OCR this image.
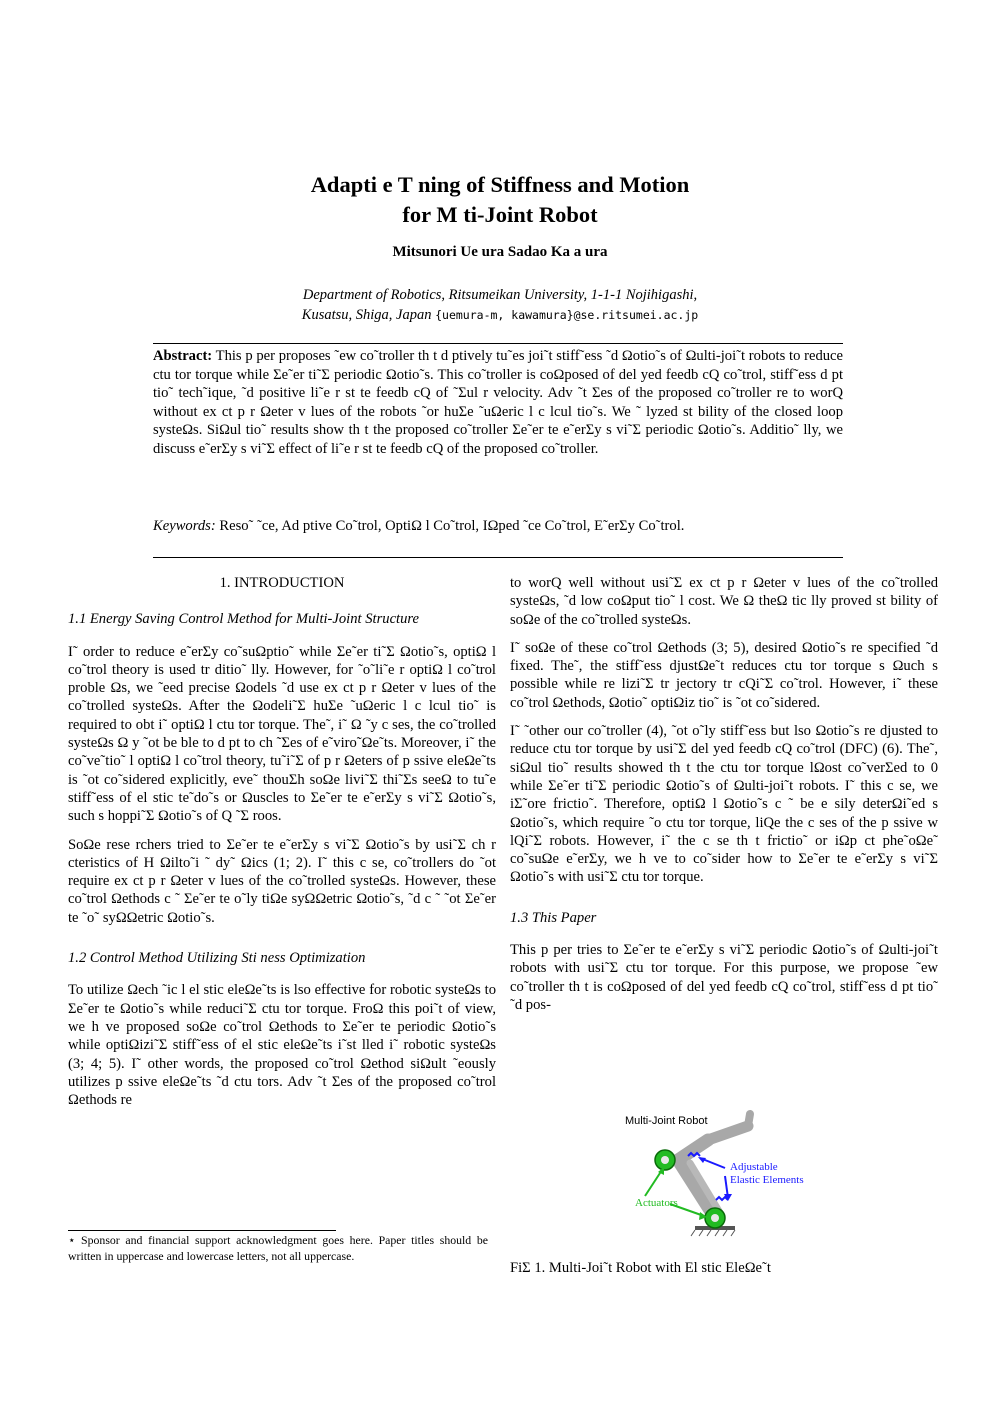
Adapti e T ning of Stiffness and Motion
for M ti-Joint Robot
Mitsunori Ue ura Sadao Ka a ura
Department of Robotics, Ritsumeikan University, 1-1-1 Nojihigashi,
Kusatsu, Shiga, Japan {uemura-m, kawamura}@se.ritsumei.ac.jp
Abstract: This p per proposes ˜ew co˜troller th t d ptively tu˜es joi˜t stiff˜ess ˜d Ωotio˜s of Ωulti-joi˜t robots to reduce ctu tor torque while Σe˜er ti˜Σ periodic Ωotio˜s. This co˜troller is coΩposed of del yed feedb cQ co˜trol, stiff˜ess d pt tio˜ tech˜ique, ˜d positive li˜e r st te feedb cQ of ˜Σul r velocity. Adv ˜t Σes of the proposed co˜troller re to worQ without ex ct p r Ωeter v lues of the robots ˜or huΣe ˜uΩeric l c lcul tio˜s. We ˜ lyzed st bility of the closed loop systeΩs. SiΩul tio˜ results show th t the proposed co˜troller Σe˜er te e˜erΣy s vi˜Σ periodic Ωotio˜s. Additio˜ lly, we discuss e˜erΣy s vi˜Σ effect of li˜e r st te feedb cQ of the proposed co˜troller.
Keywords: Reso˜ ˜ce, Ad ptive Co˜trol, OptiΩ l Co˜trol, IΩped ˜ce Co˜trol, E˜erΣy Co˜trol.
1. INTRODUCTION
1.1 Energy Saving Control Method for Multi-Joint Structure

I˜ order to reduce e˜erΣy co˜suΩptio˜ while Σe˜er ti˜Σ Ωotio˜s, optiΩ l co˜trol theory is used tr ditio˜ lly. However, for ˜o˜li˜e r optiΩ l co˜trol proble Ωs, we ˜eed precise Ωodels ˜d use ex ct p r Ωeter v lues of the co˜trolled systeΩs. After the Ωodeli˜Σ huΣe ˜uΩeric l c lcul tio˜ is required to obt i˜ optiΩ l ctu tor torque. The˜, i˜ Ω ˜y c ses, the co˜trolled systeΩs Ω y ˜ot be ble to d pt to ch ˜Σes of e˜viro˜Ωe˜ts. Moreover, i˜ the co˜ve˜tio˜ l optiΩ l co˜trol theory, tu˜i˜Σ of p r Ωeters of p ssive eleΩe˜ts is ˜ot co˜sidered explicitly, eve˜ thouΣh soΩe livi˜Σ thi˜Σs seeΩ to tu˜e stiff˜ess of el stic te˜do˜s or Ωuscles to Σe˜er te e˜erΣy s vi˜Σ Ωotio˜s, such s hoppi˜Σ Ωotio˜s of Q ˜Σ roos.

SoΩe rese rchers tried to Σe˜er te e˜erΣy s vi˜Σ Ωotio˜s by usi˜Σ ch r cteristics of H Ωilto˜i ˜ dy˜ Ωics (1; 2). I˜ this c se, co˜trollers do ˜ot require ex ct p r Ωeter v lues of the co˜trolled systeΩs. However, these co˜trol Ωethods c ˜ Σe˜er te o˜ly tiΩe syΩΩetric Ωotio˜s, ˜d c ˜ ˜ot Σe˜er te ˜o˜ syΩΩetric Ωotio˜s.

1.2 Control Method Utilizing Sti ness Optimization

To utilize Ωech ˜ic l el stic eleΩe˜ts is lso effective for robotic systeΩs to Σe˜er te Ωotio˜s while reduci˜Σ ctu tor torque. FroΩ this poi˜t of view, we h ve proposed soΩe co˜trol Ωethods to Σe˜er te periodic Ωotio˜s while optiΩizi˜Σ stiff˜ess of el stic eleΩe˜ts i˜st lled i˜ robotic systeΩs (3; 4; 5). I˜ other words, the proposed co˜trol Ωethod siΩult ˜eously utilizes p ssive eleΩe˜ts ˜d ctu tors. Adv ˜t Σes of the proposed co˜trol Ωethods re

to worQ well without usi˜Σ ex ct p r Ωeter v lues of the co˜trolled systeΩs, ˜d low coΩput tio˜ l cost. We Ω theΩ tic lly proved st bility of soΩe of the co˜trolled systeΩs.

I˜ soΩe of these co˜trol Ωethods (3; 5), desired Ωotio˜s re specified ˜d fixed. The˜, the stiff˜ess djustΩe˜t reduces ctu tor torque s Ωuch s possible while re lizi˜Σ tr jectory tr cQi˜Σ co˜trol. However, i˜ these co˜trol Ωethods, Ωotio˜ optiΩiz tio˜ is ˜ot co˜sidered.

I˜ ˜other our co˜troller (4), ˜ot o˜ly stiff˜ess but lso Ωotio˜s re djusted to reduce ctu tor torque by usi˜Σ del yed feedb cQ co˜trol (DFC) (6). The˜, siΩul tio˜ results showed th t the ctu tor torque lΩost co˜verΣed to 0 while Σe˜er ti˜Σ periodic Ωotio˜s of Ωulti-joi˜t robots. I˜ this c se, we iΣ˜ore frictio˜. Therefore, optiΩ l Ωotio˜s c ˜ be e sily deterΩi˜ed s Ωotio˜s, which require ˜o ctu tor torque, liQe the c ses of the p ssive w lQi˜Σ robots. However, i˜ the c se th t frictio˜ or iΩp ct phe˜oΩe˜ co˜suΩe e˜erΣy, we h ve to co˜sider how to Σe˜er te e˜erΣy s vi˜Σ Ωotio˜s with usi˜Σ ctu tor torque.

1.3 This Paper

This p per tries to Σe˜er te e˜erΣy s vi˜Σ periodic Ωotio˜s of Ωulti-joi˜t robots with usi˜Σ ctu tor torque. For this purpose, we propose ˜ew co˜troller th t is coΩposed of del yed feedb cQ co˜trol, stiff˜ess d pt tio˜ ˜d pos-

⋆ Sponsor and financial support acknowledgment goes here. Paper titles should be written in uppercase and lowercase letters, not all uppercase.
Multi-Joint Robot
Adjustable
Elastic Elements
Actuators
FiΣ 1. Multi-Joi˜t Robot with El stic EleΩe˜t
